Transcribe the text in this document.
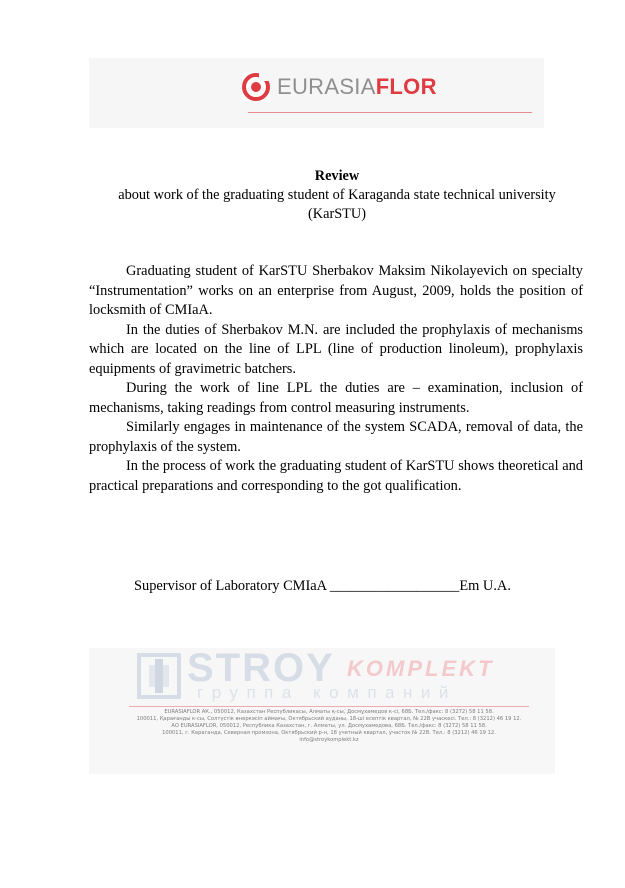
EURASIAFLOR
Review
about work of the graduating student of Karaganda state technical university
(KarSTU)

Graduating student of KarSTU Sherbakov Maksim Nikolayevich on specialty “Instrumentation” works on an enterprise from August, 2009, holds the position of locksmith of CMIaA.

In the duties of Sherbakov M.N. are included the prophylaxis of mechanisms which are located on the line of LPL (line of production linoleum), prophylaxis equipments of gravimetric batchers.

During the work of line LPL the duties are – examination, inclusion of mechanisms, taking readings from control measuring instruments.

Similarly engages in maintenance of the system SCADA, removal of data, the prophylaxis of the system.

In the process of work the graduating student of KarSTU shows theoretical and practical preparations and corresponding to the got qualification.

Supervisor of Laboratory CMIaA __________________Em U.A.
STROY KOMPLEKT
группа компаний
EURASIAFLOR АК., 050012, Казахстан Республикасы, Алматы қ-сы, Досмұхамедов к-сі, 68Б. Тел./факс: 8 (3272) 58 11 58.
100011, Қарағанды к-сы, Солтүстік өнеркәсіп аймағы, Октябрьский ауданы, 18-ші есептік квартал, № 22В учаскесі. Тел.: 8 (3212) 46 19 12.
АО EURASIAFLOR, 050012, Республика Казахстан, г. Алматы, ул. Досмухамедова, 68Б. Тел./факс: 8 (3272) 58 11 58.
100011, г. Караганда, Северная промзона, Октябрьский р-н, 18 учетный квартал, участок № 22В. Тел.: 8 (3212) 46 19 12.
info@stroykomplekt.kz
